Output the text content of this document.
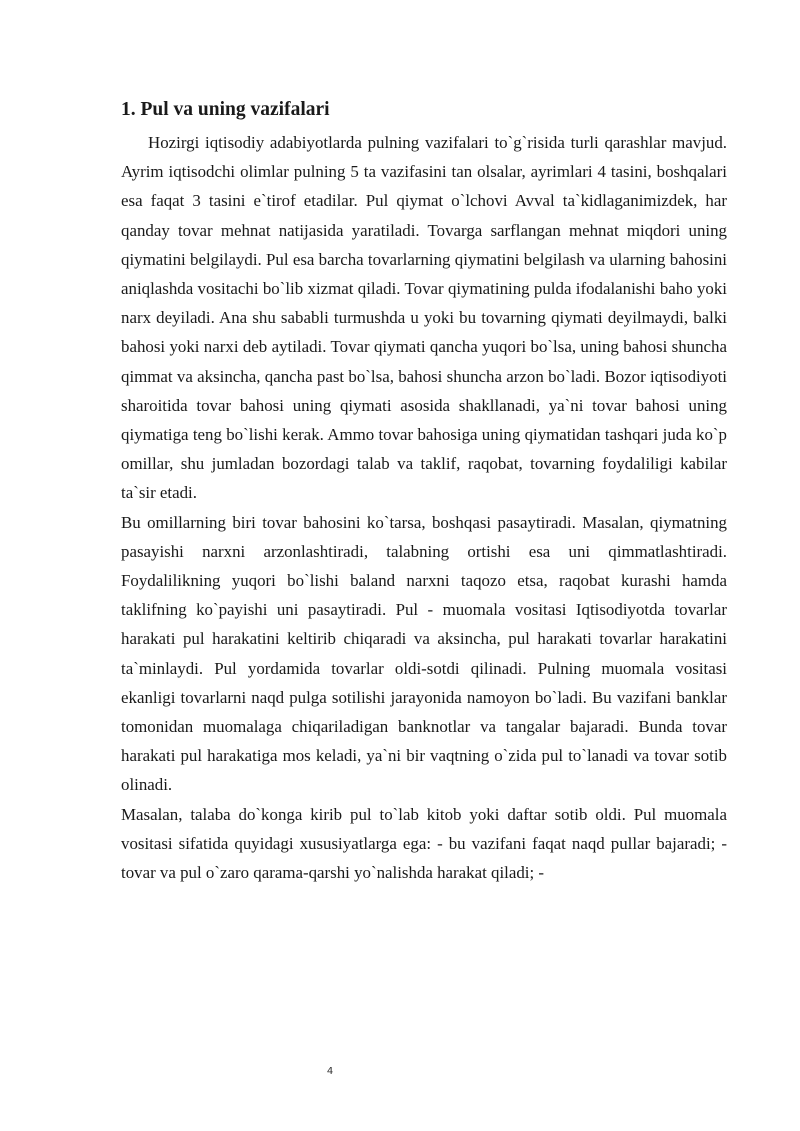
1. Pul va uning vazifalari

Hozirgi iqtisodiy adabiyotlarda pulning vazifalari to`g`risida turli qarashlar mavjud. Ayrim iqtisodchi olimlar pulning 5 ta vazifasini tan olsalar, ayrimlari 4 tasini, boshqalari esa faqat 3 tasini e`tirof etadilar. Pul qiymat o`lchovi Avval ta`kidlaganimizdek, har qanday tovar mehnat natijasida yaratiladi. Tovarga sarflangan mehnat miqdori uning qiymatini belgilaydi. Pul esa barcha tovarlarning qiymatini belgilash va ularning bahosini aniqlashda vositachi bo`lib xizmat qiladi. Tovar qiymatining pulda ifodalanishi baho yoki narx deyiladi. Ana shu sababli turmushda u yoki bu tovarning qiymati deyilmaydi, balki bahosi yoki narxi deb aytiladi. Tovar qiymati qancha yuqori bo`lsa, uning bahosi shuncha qimmat va aksincha, qancha past bo`lsa, bahosi shuncha arzon bo`ladi. Bozor iqtisodiyoti sharoitida tovar bahosi uning qiymati asosida shakllanadi, ya`ni tovar bahosi uning qiymatiga teng bo`lishi kerak. Ammo tovar bahosiga uning qiymatidan tashqari juda ko`p omillar, shu jumladan bozordagi talab va taklif, raqobat, tovarning foydaliligi kabilar ta`sir etadi.

Bu omillarning biri tovar bahosini ko`tarsa, boshqasi pasaytiradi. Masalan, qiymatning pasayishi narxni arzonlashtiradi, talabning ortishi esa uni qimmatlashtiradi. Foydalilikning yuqori bo`lishi baland narxni taqozo etsa, raqobat kurashi hamda taklifning ko`payishi uni pasaytiradi. Pul - muomala vositasi Iqtisodiyotda tovarlar harakati pul harakatini keltirib chiqaradi va aksincha, pul harakati tovarlar harakatini ta`minlaydi. Pul yordamida tovarlar oldi-sotdi qilinadi. Pulning muomala vositasi ekanligi tovarlarni naqd pulga sotilishi jarayonida namoyon bo`ladi. Bu vazifani banklar tomonidan muomalaga chiqariladigan banknotlar va tangalar bajaradi. Bunda tovar harakati pul harakatiga mos keladi, ya`ni bir vaqtning o`zida pul to`lanadi va tovar sotib olinadi.

Masalan, talaba do`konga kirib pul to`lab kitob yoki daftar sotib oldi. Pul muomala vositasi sifatida quyidagi xususiyatlarga ega: - bu vazifani faqat naqd pullar bajaradi; - tovar va pul o`zaro qarama-qarshi yo`nalishda harakat qiladi; -

4
